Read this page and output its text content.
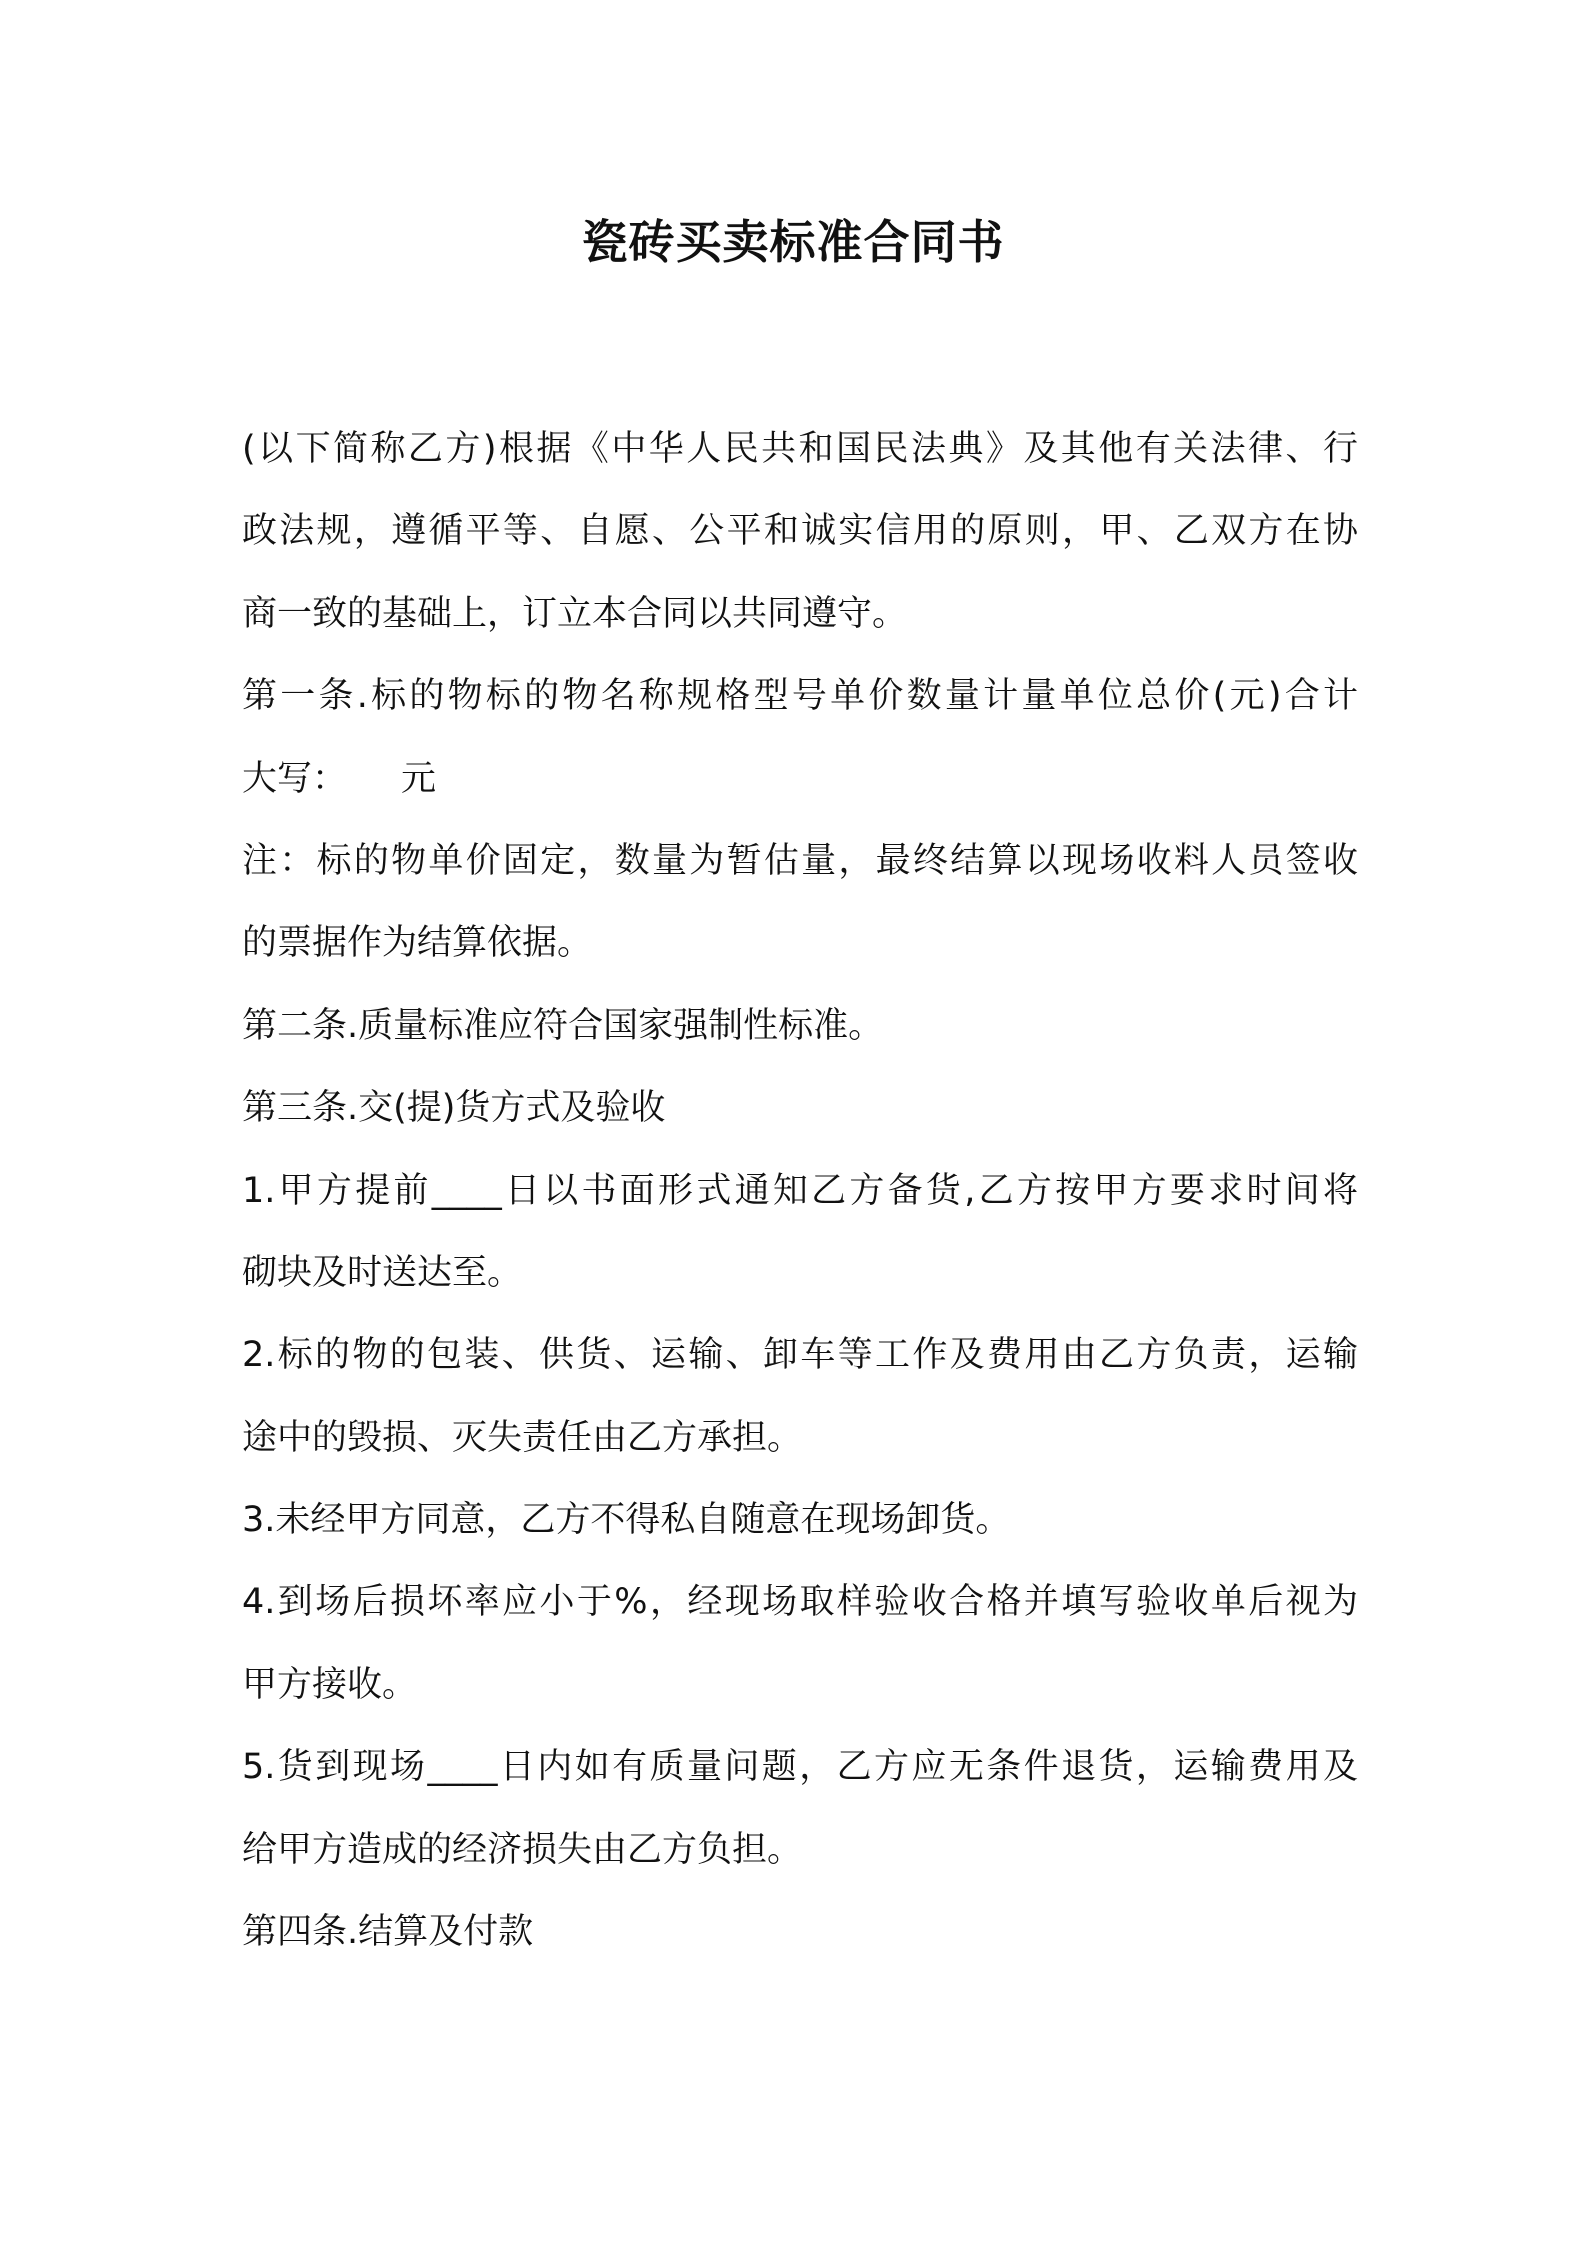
瓷砖买卖标准合同书
(以下简称乙方)根据《中华人民共和国民法典》及其他有关法律、行
政法规，遵循平等、自愿、公平和诚实信用的原则，甲、乙双方在协
商一致的基础上，订立本合同以共同遵守。
第一条.标的物标的物名称规格型号单价数量计量单位总价(元)合计
大写： 元
注：标的物单价固定，数量为暂估量，最终结算以现场收料人员签收
的票据作为结算依据。
第二条.质量标准应符合国家强制性标准。
第三条.交(提)货方式及验收
1.甲方提前____日以书面形式通知乙方备货,乙方按甲方要求时间将
砌块及时送达至。
2.标的物的包装、供货、运输、卸车等工作及费用由乙方负责，运输
途中的毁损、灭失责任由乙方承担。
3.未经甲方同意，乙方不得私自随意在现场卸货。
4.到场后损坏率应小于%，经现场取样验收合格并填写验收单后视为
甲方接收。
5.货到现场____日内如有质量问题，乙方应无条件退货，运输费用及
给甲方造成的经济损失由乙方负担。
第四条.结算及付款
